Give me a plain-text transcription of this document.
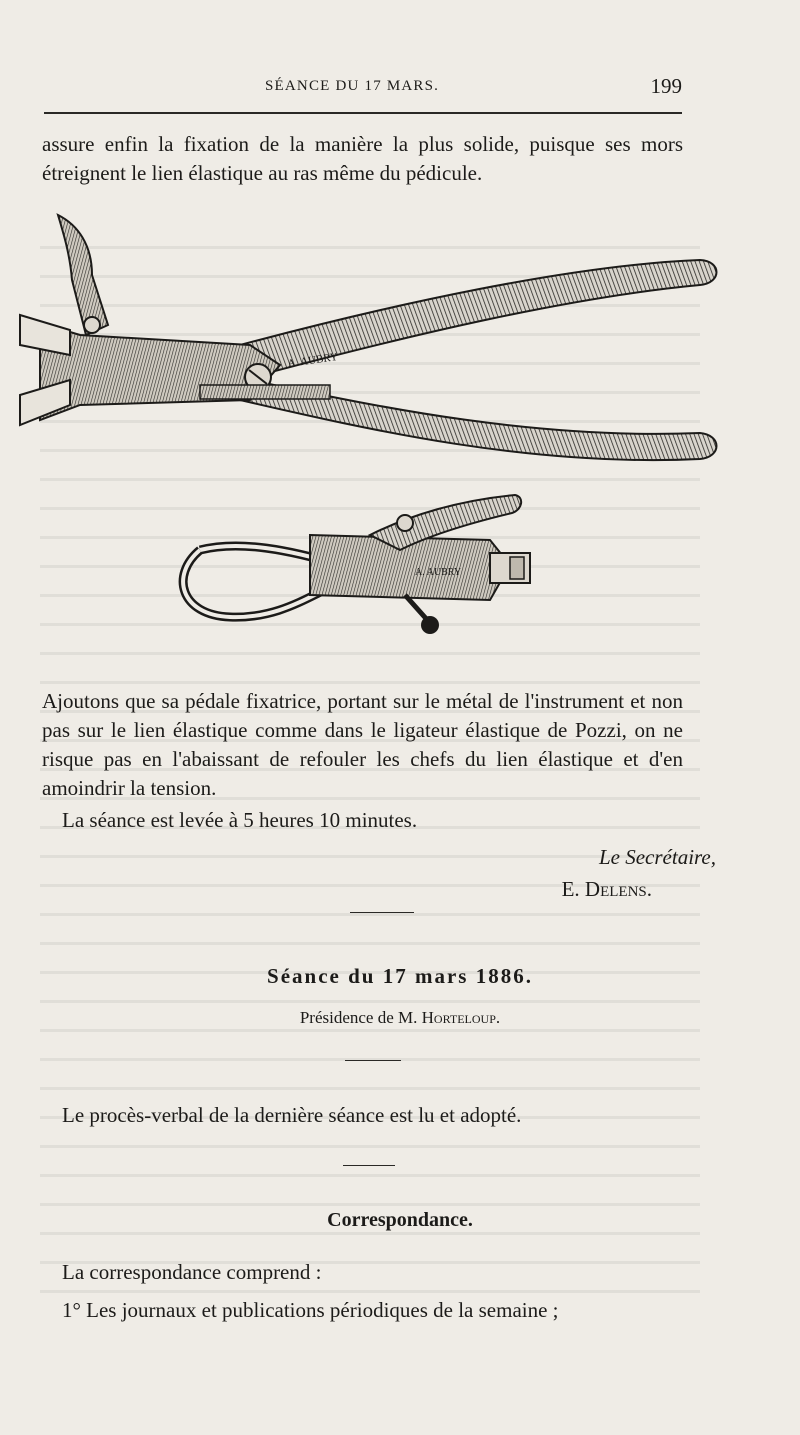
SÉANCE DU 17 MARS.	199

assure enfin la fixation de la manière la plus solide, puisque ses mors étreignent le lien élastique au ras même du pédicule.

A. AUBRY
A. AUBRY

Ajoutons que sa pédale fixatrice, portant sur le métal de l'instrument et non pas sur le lien élastique comme dans le ligateur élastique de Pozzi, on ne risque pas en l'abaissant de refouler les chefs du lien élastique et d'en amoindrir la tension.

La séance est levée à 5 heures 10 minutes.

Le Secrétaire,
E. Delens.
Séance du 17 mars 1886.
Présidence de M. Horteloup.

Le procès-verbal de la dernière séance est lu et adopté.

Correspondance.

La correspondance comprend :

1° Les journaux et publications périodiques de la semaine ;
